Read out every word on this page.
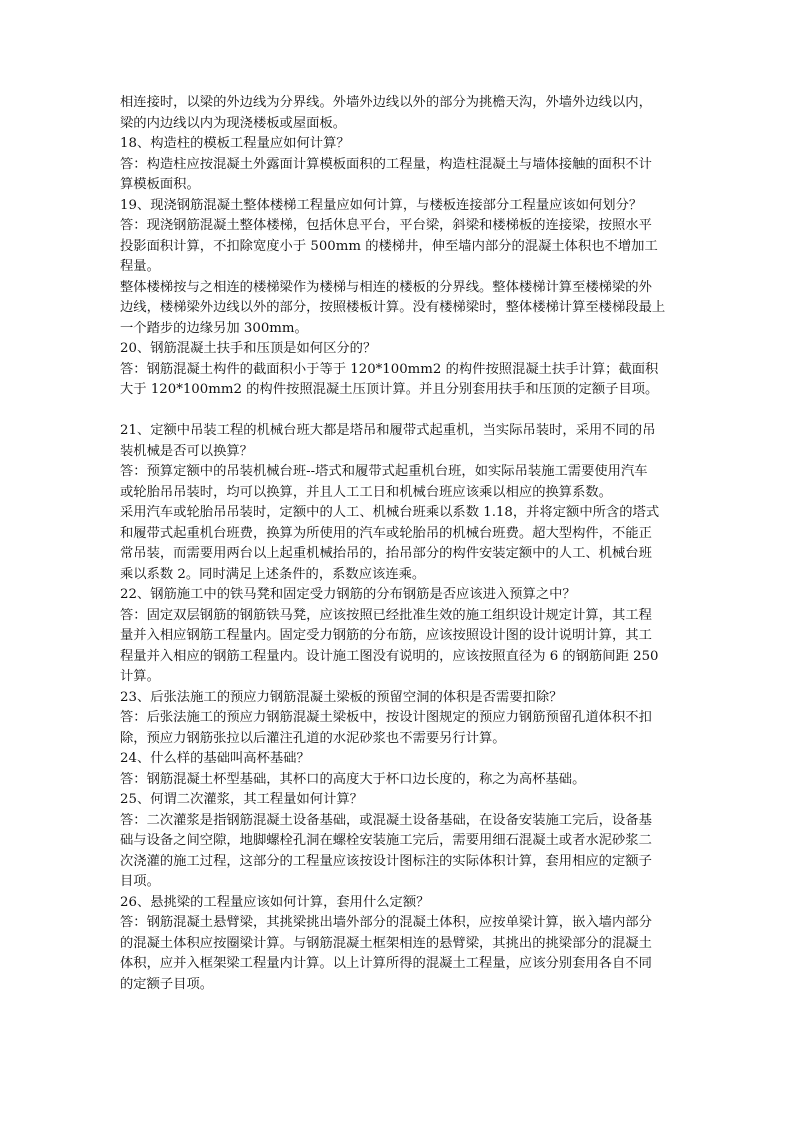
相连接时，以梁的外边线为分界线。外墙外边线以外的部分为挑檐天沟，外墙外边线以内，
梁的内边线以内为现浇楼板或屋面板。
18、构造柱的模板工程量应如何计算？
答：构造柱应按混凝土外露面计算模板面积的工程量，构造柱混凝土与墙体接触的面积不计
算模板面积。
19、现浇钢筋混凝土整体楼梯工程量应如何计算，与楼板连接部分工程量应该如何划分？
答：现浇钢筋混凝土整体楼梯，包括休息平台，平台梁，斜梁和楼梯板的连接梁，按照水平
投影面积计算，不扣除宽度小于 500mm 的楼梯井，伸至墙内部分的混凝土体积也不增加工
程量。
整体楼梯按与之相连的楼梯梁作为楼梯与相连的楼板的分界线。整体楼梯计算至楼梯梁的外
边线，楼梯梁外边线以外的部分，按照楼板计算。没有楼梯梁时，整体楼梯计算至楼梯段最上
一个踏步的边缘另加 300mm。
20、钢筋混凝土扶手和压顶是如何区分的？
答：钢筋混凝土构件的截面积小于等于 120*100mm2 的构件按照混凝土扶手计算；截面积
大于 120*100mm2 的构件按照混凝土压顶计算。并且分别套用扶手和压顶的定额子目项。
21、定额中吊装工程的机械台班大都是塔吊和履带式起重机，当实际吊装时，采用不同的吊
装机械是否可以换算？
答：预算定额中的吊装机械台班--塔式和履带式起重机台班，如实际吊装施工需要使用汽车
或轮胎吊吊装时，均可以换算，并且人工工日和机械台班应该乘以相应的换算系数。
采用汽车或轮胎吊吊装时，定额中的人工、机械台班乘以系数 1.18，并将定额中所含的塔式
和履带式起重机台班费，换算为所使用的汽车或轮胎吊的机械台班费。超大型构件，不能正
常吊装，而需要用两台以上起重机械抬吊的，抬吊部分的构件安装定额中的人工、机械台班
乘以系数 2。同时满足上述条件的，系数应该连乘。
22、钢筋施工中的铁马凳和固定受力钢筋的分布钢筋是否应该进入预算之中？
答：固定双层钢筋的钢筋铁马凳，应该按照已经批准生效的施工组织设计规定计算，其工程
量并入相应钢筋工程量内。固定受力钢筋的分布筋，应该按照设计图的设计说明计算，其工
程量并入相应的钢筋工程量内。设计施工图没有说明的，应该按照直径为 6 的钢筋间距 250
计算。
23、后张法施工的预应力钢筋混凝土梁板的预留空洞的体积是否需要扣除？
答：后张法施工的预应力钢筋混凝土梁板中，按设计图规定的预应力钢筋预留孔道体积不扣
除，预应力钢筋张拉以后灌注孔道的水泥砂浆也不需要另行计算。
24、什么样的基础叫高杯基础？
答：钢筋混凝土杯型基础，其杯口的高度大于杯口边长度的，称之为高杯基础。
25、何谓二次灌浆，其工程量如何计算？
答：二次灌浆是指钢筋混凝土设备基础，或混凝土设备基础，在设备安装施工完后，设备基
础与设备之间空隙，地脚螺栓孔洞在螺栓安装施工完后，需要用细石混凝土或者水泥砂浆二
次浇灌的施工过程，这部分的工程量应该按设计图标注的实际体积计算，套用相应的定额子
目项。
26、悬挑梁的工程量应该如何计算，套用什么定额？
答：钢筋混凝土悬臂梁，其挑梁挑出墙外部分的混凝土体积，应按单梁计算，嵌入墙内部分
的混凝土体积应按圈梁计算。与钢筋混凝土框架相连的悬臂梁，其挑出的挑梁部分的混凝土
体积，应并入框架梁工程量内计算。以上计算所得的混凝土工程量，应该分别套用各自不同
的定额子目项。
